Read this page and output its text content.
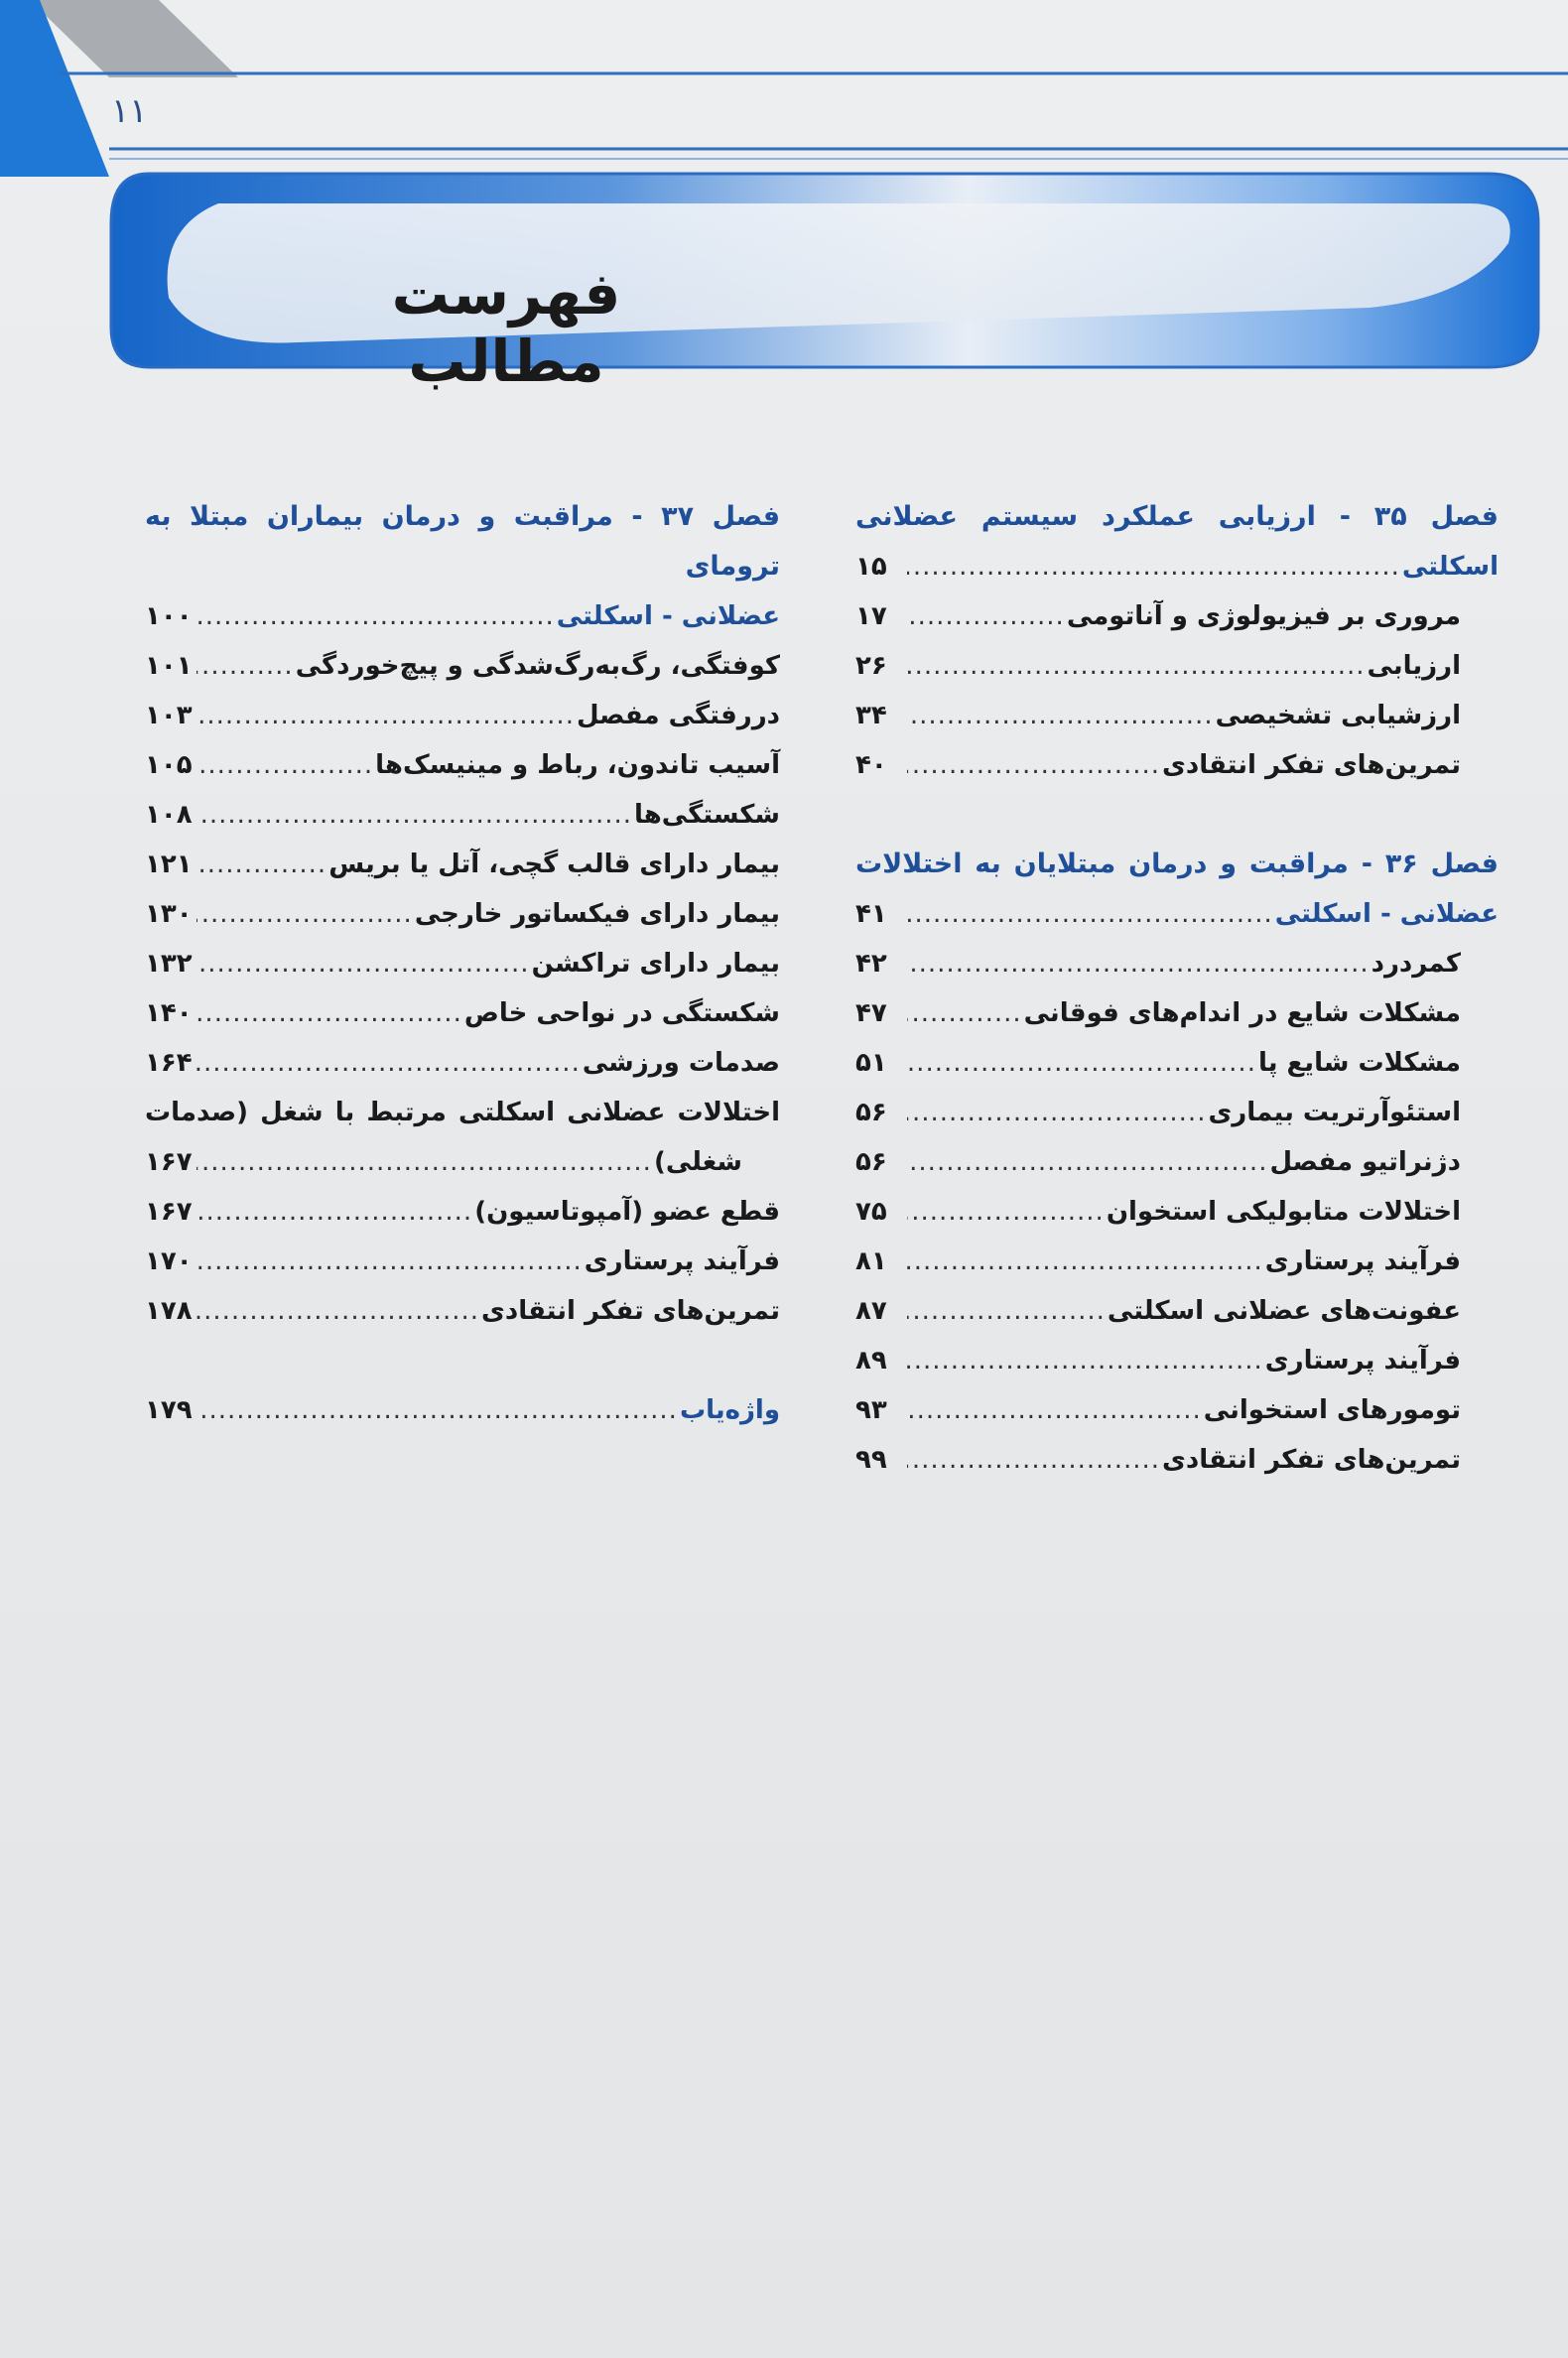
۱۱
فهرست مطالب
فصل ۳۵ - ارزیابی عملکرد سیستم عضلانی
اسکلتی
.....
۱۵
مروری بر فیزیولوژی و آناتومی
.....
۱۷
ارزیابی
.....
۲۶
ارزشیابی تشخیصی
.....
۳۴
تمرین‌های تفکر انتقادی
.....
۴۰
فصل ۳۶ - مراقبت و درمان مبتلایان به اختلالات
عضلانی - اسکلتی
.....
۴۱
کمردرد
.....
۴۲
مشکلات شایع در اندام‌های فوقانی
.....
۴۷
مشکلات شایع پا
.....
۵۱
استئوآرتریت بیماری
.....
۵۶
دژنراتیو مفصل
.....
۵۶
اختلالات متابولیکی استخوان
.....
۷۵
فرآیند پرستاری
.....
۸۱
عفونت‌های عضلانی اسکلتی
.....
۸۷
فرآیند پرستاری
.....
۸۹
تومورهای استخوانی
.....
۹۳
تمرین‌های تفکر انتقادی
.....
۹۹
فصل ۳۷ - مراقبت و درمان بیماران مبتلا به ترومای
عضلانی - اسکلتی
.....
۱۰۰
کوفتگی، رگ‌به‌رگ‌شدگی و پیچ‌خوردگی
.....
۱۰۱
دررفتگی مفصل
.....
۱۰۳
آسیب تاندون، رباط و مینیسک‌ها
.....
۱۰۵
شکستگی‌ها
.....
۱۰۸
بیمار دارای قالب گچی، آتل یا بریس
.....
۱۲۱
بیمار دارای فیکساتور خارجی
.....
۱۳۰
بیمار دارای تراکشن
.....
۱۳۲
شکستگی در نواحی خاص
.....
۱۴۰
صدمات ورزشی
.....
۱۶۴
اختلالات عضلانی اسکلتی مرتبط با شغل (صدمات
شغلی)
.....
۱۶۷
قطع عضو (آمپوتاسیون)
.....
۱۶۷
فرآیند پرستاری
.....
۱۷۰
تمرین‌های تفکر انتقادی
.....
۱۷۸
واژه‌یاب
.....
۱۷۹
